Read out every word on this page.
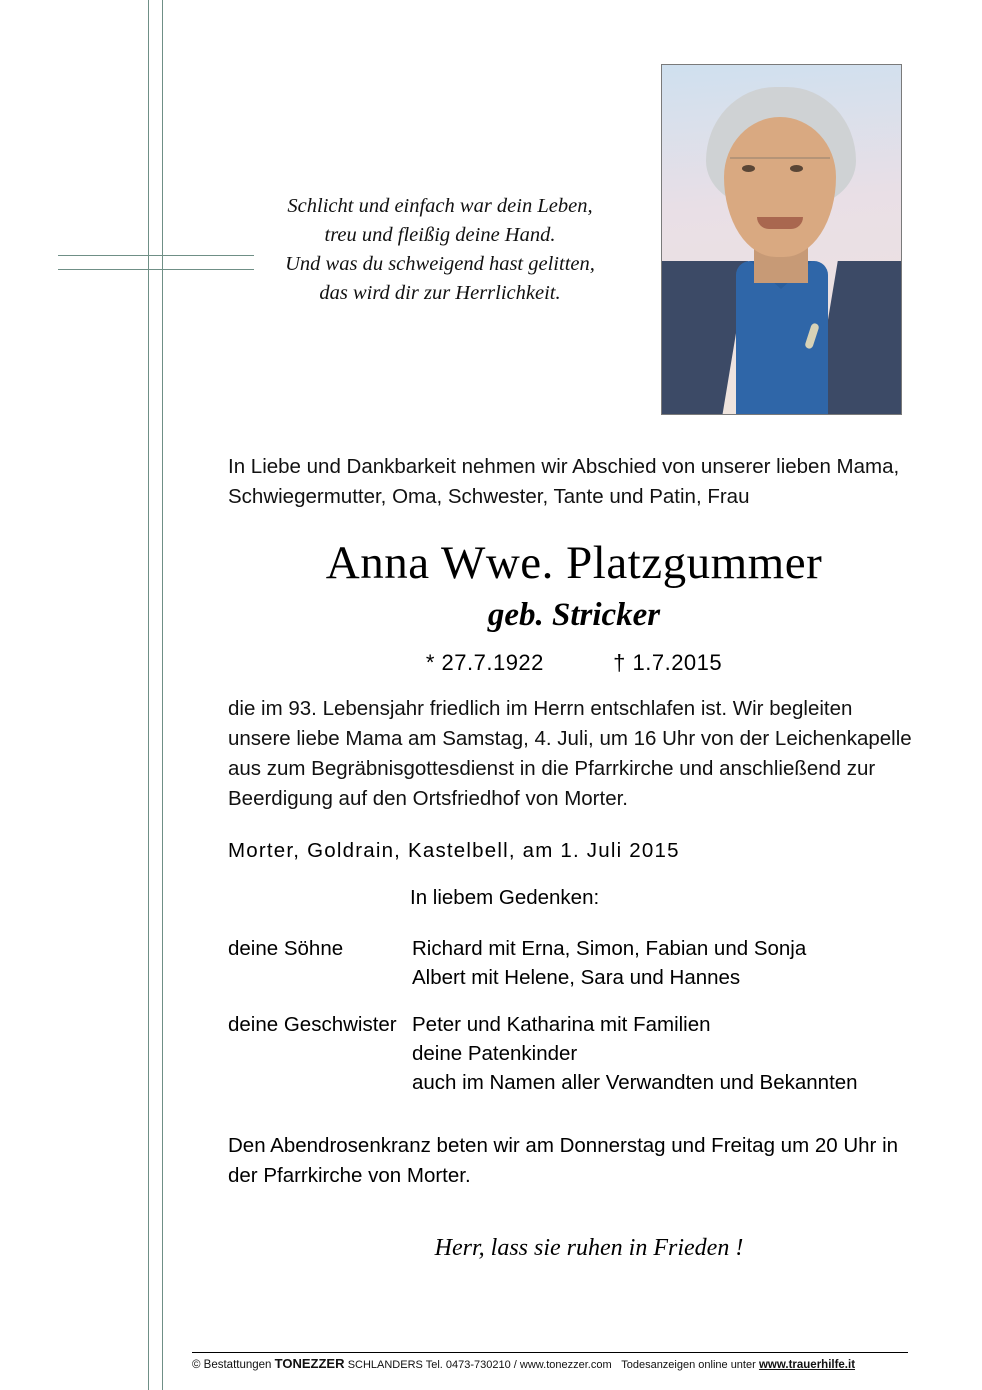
Schlicht und einfach war dein Leben,
treu und fleißig deine Hand.
Und was du schweigend hast gelitten,
das wird dir zur Herrlichkeit.
In Liebe und Dankbarkeit nehmen wir Abschied von unserer lieben Mama, Schwiegermutter, Oma, Schwester, Tante und Patin, Frau
Anna Wwe. Platzgummer
geb. Stricker
* 27.7.1922	† 1.7.2015
die im 93. Lebensjahr friedlich im Herrn entschlafen ist. Wir begleiten unsere liebe Mama am Samstag, 4. Juli, um 16 Uhr von der Leichenkapelle aus zum Begräbnisgottesdienst in die Pfarrkirche und anschließend zur Beerdigung auf den Ortsfriedhof von Morter.
Morter, Goldrain, Kastelbell, am 1. Juli 2015
In liebem Gedenken:
deine Söhne	Richard mit Erna, Simon, Fabian und Sonja
Albert mit Helene, Sara und Hannes
deine Geschwister Peter und Katharina mit Familien
deine Patenkinder
auch im Namen aller Verwandten und Bekannten
Den Abendrosenkranz beten wir am Donnerstag und Freitag um 20 Uhr in der Pfarrkirche von Morter.
Herr, lass sie ruhen in Frieden !
© Bestattungen TONEZZER SCHLANDERS Tel. 0473-730210 / www.tonezzer.com Todesanzeigen online unter www.trauerhilfe.it
